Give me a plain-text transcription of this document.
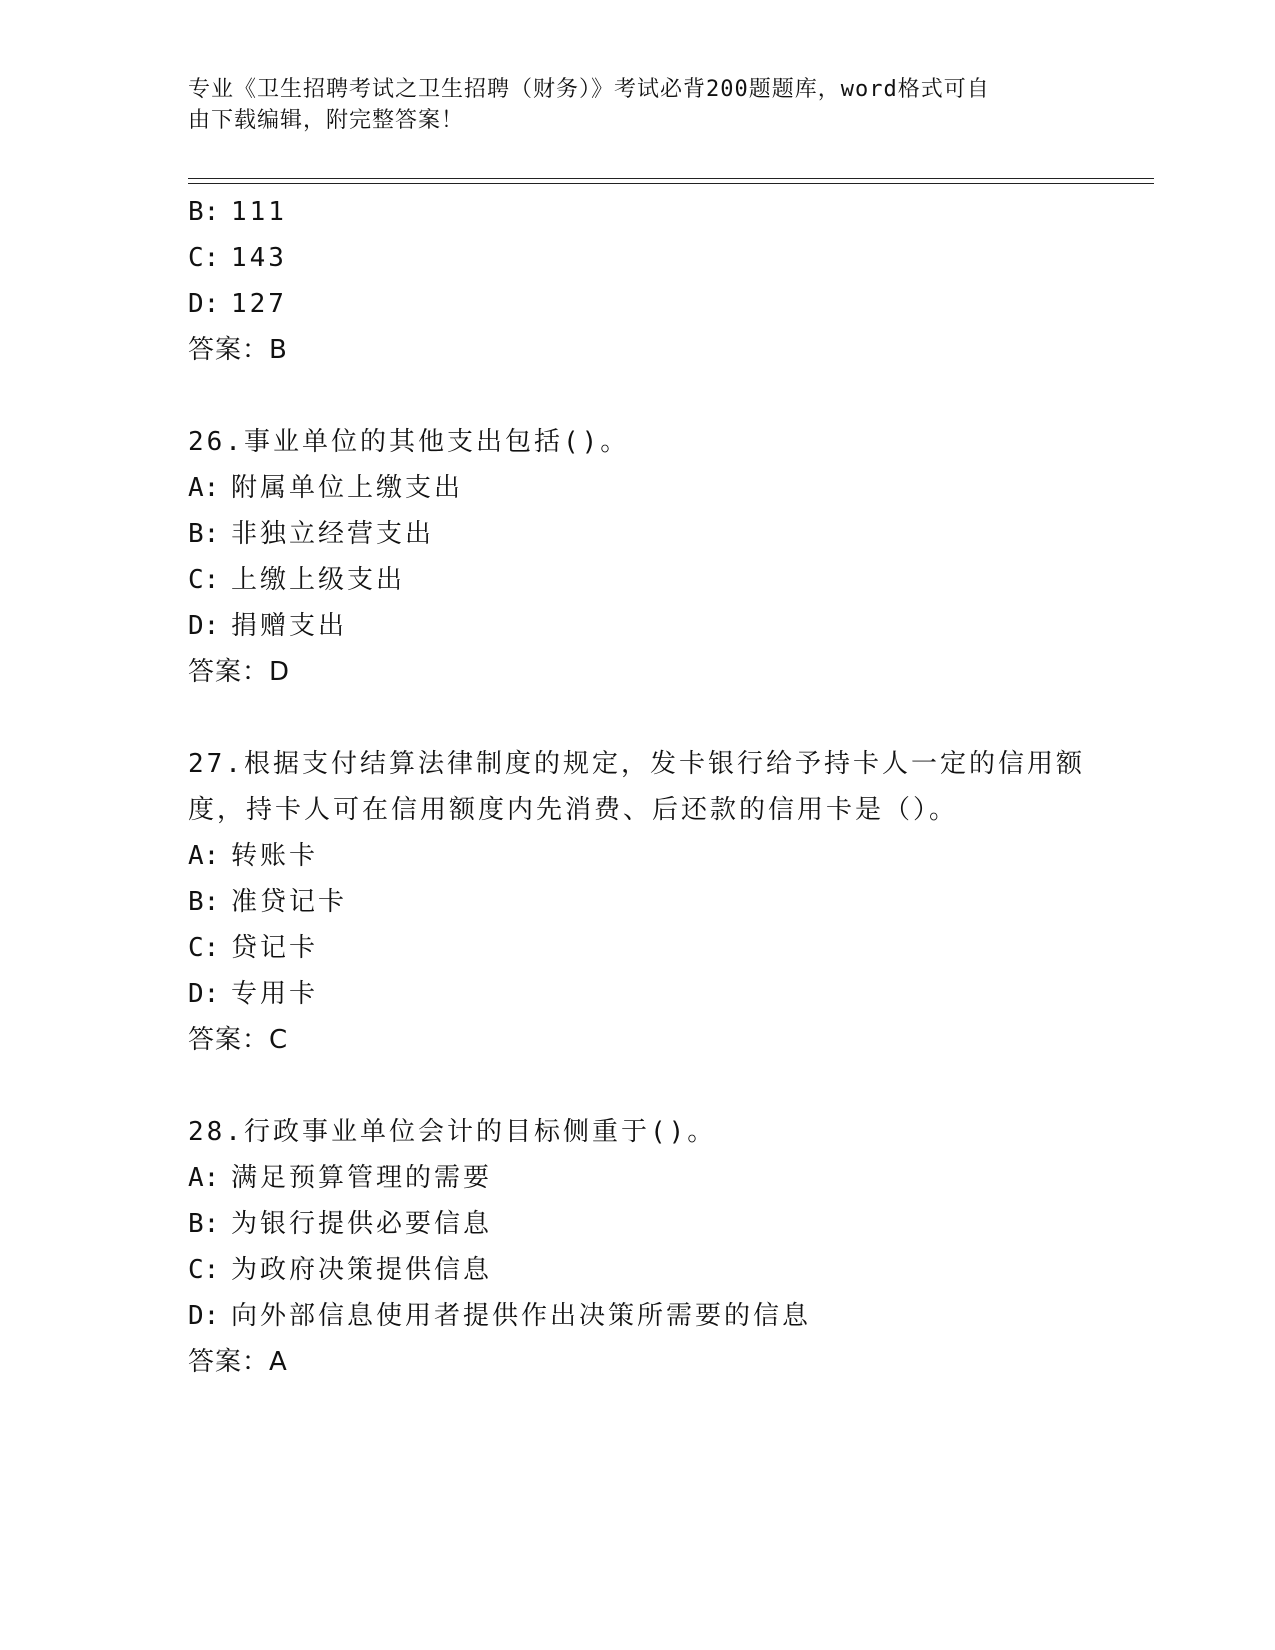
专业《卫生招聘考试之卫生招聘（财务）》考试必背200题题库，word格式可自
由下载编辑，附完整答案！
B: 111
C: 143
D: 127
答案：B
26.事业单位的其他支出包括()。
A: 附属单位上缴支出
B: 非独立经营支出
C: 上缴上级支出
D: 捐赠支出
答案：D
27.根据支付结算法律制度的规定，发卡银行给予持卡人一定的信用额
度，持卡人可在信用额度内先消费、后还款的信用卡是（）。
A: 转账卡
B: 准贷记卡
C: 贷记卡
D: 专用卡
答案：C
28.行政事业单位会计的目标侧重于()。
A: 满足预算管理的需要
B: 为银行提供必要信息
C: 为政府决策提供信息
D: 向外部信息使用者提供作出决策所需要的信息
答案：A
